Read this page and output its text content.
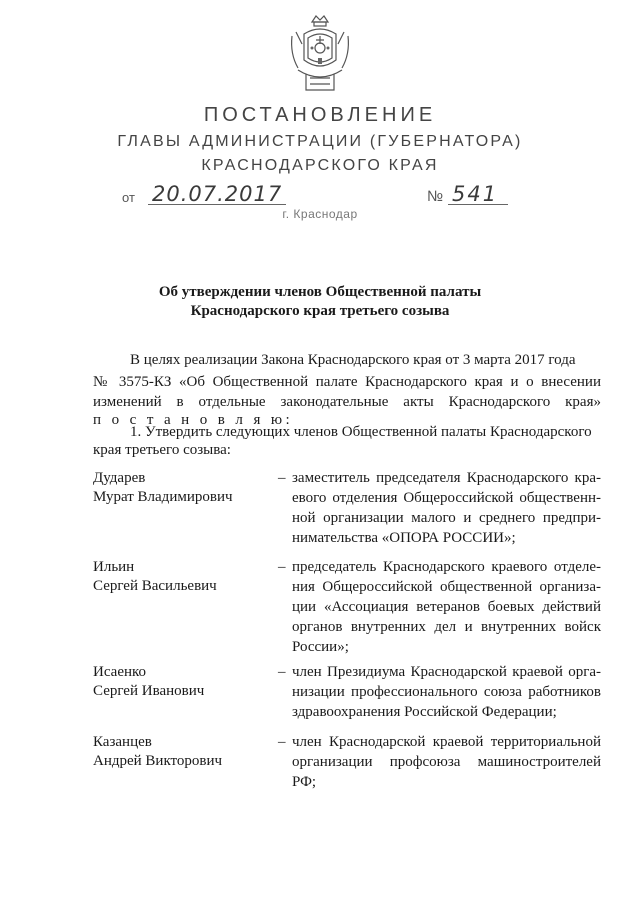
ПОСТАНОВЛЕНИЕ
ГЛАВЫ АДМИНИСТРАЦИИ (ГУБЕРНАТОРА)
КРАСНОДАРСКОГО КРАЯ
от 20.07.2017	№ 541
г. Краснодар
Об утверждении членов Общественной палаты
Краснодарского края третьего созыва
В целях реализации Закона Краснодарского края от 3 марта 2017 года
№ 3575-КЗ «Об Общественной палате Краснодарского края и о внесении
изменений в отдельные законодательные акты Краснодарского края»
п о с т а н о в л я ю:
1. Утвердить следующих членов Общественной палаты Краснодарского
края третьего созыва:
Дударев
Мурат Владимирович
– заместитель председателя Краснодарского кра-
евого отделения Общероссийской общественн-
ной организации малого и среднего предпри-
нимательства «ОПОРА РОССИИ»;
Ильин
Сергей Васильевич
– председатель Краснодарского краевого отделе-
ния Общероссийской общественной организа-
ции «Ассоциация ветеранов боевых действий
органов внутренних дел и внутренних войск
России»;
Исаенко
Сергей Иванович
– член Президиума Краснодарской краевой орга-
низации профессионального союза работников
здравоохранения Российской Федерации;
Казанцев
Андрей Викторович
– член Краснодарской краевой территориальной
организации профсоюза машиностроителей
РФ;
